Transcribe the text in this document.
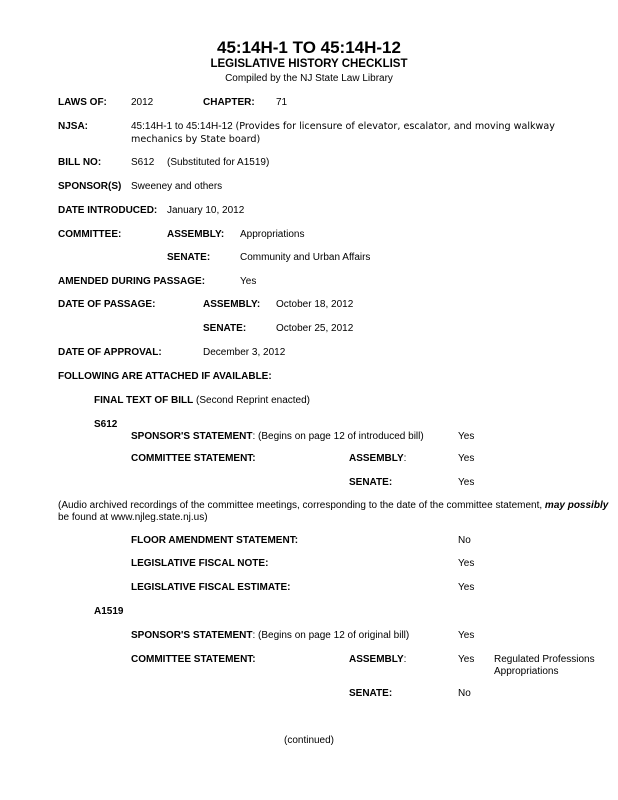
45:14H-1 TO 45:14H-12
LEGISLATIVE HISTORY CHECKLIST
Compiled by the NJ State Law Library
LAWS OF: 2012	CHAPTER: 71
NJSA:	45:14H-1 to 45:14H-12 (Provides for licensure of elevator, escalator, and moving walkway
mechanics by State board)
BILL NO:	S612 (Substituted for A1519)
SPONSOR(S) Sweeney and others
DATE INTRODUCED: January 10, 2012
COMMITTEE:	ASSEMBLY: Appropriations
SENATE:	Community and Urban Affairs
AMENDED DURING PASSAGE:	Yes
DATE OF PASSAGE:	ASSEMBLY: October 18, 2012
SENATE:	October 25, 2012
DATE OF APPROVAL:	December 3, 2012
FOLLOWING ARE ATTACHED IF AVAILABLE:
FINAL TEXT OF BILL (Second Reprint enacted)
S612
SPONSOR'S STATEMENT: (Begins on page 12 of introduced bill)	Yes
COMMITTEE STATEMENT:	ASSEMBLY:	Yes
SENATE:	Yes
(Audio archived recordings of the committee meetings, corresponding to the date of the committee statement, may possibly
be found at www.njleg.state.nj.us)
FLOOR AMENDMENT STATEMENT:	No
LEGISLATIVE FISCAL NOTE:	Yes
LEGISLATIVE FISCAL ESTIMATE:	Yes
A1519
SPONSOR'S STATEMENT: (Begins on page 12 of original bill)	Yes
COMMITTEE STATEMENT:	ASSEMBLY:	Yes Regulated Professions
Appropriations
SENATE:	No
(continued)
